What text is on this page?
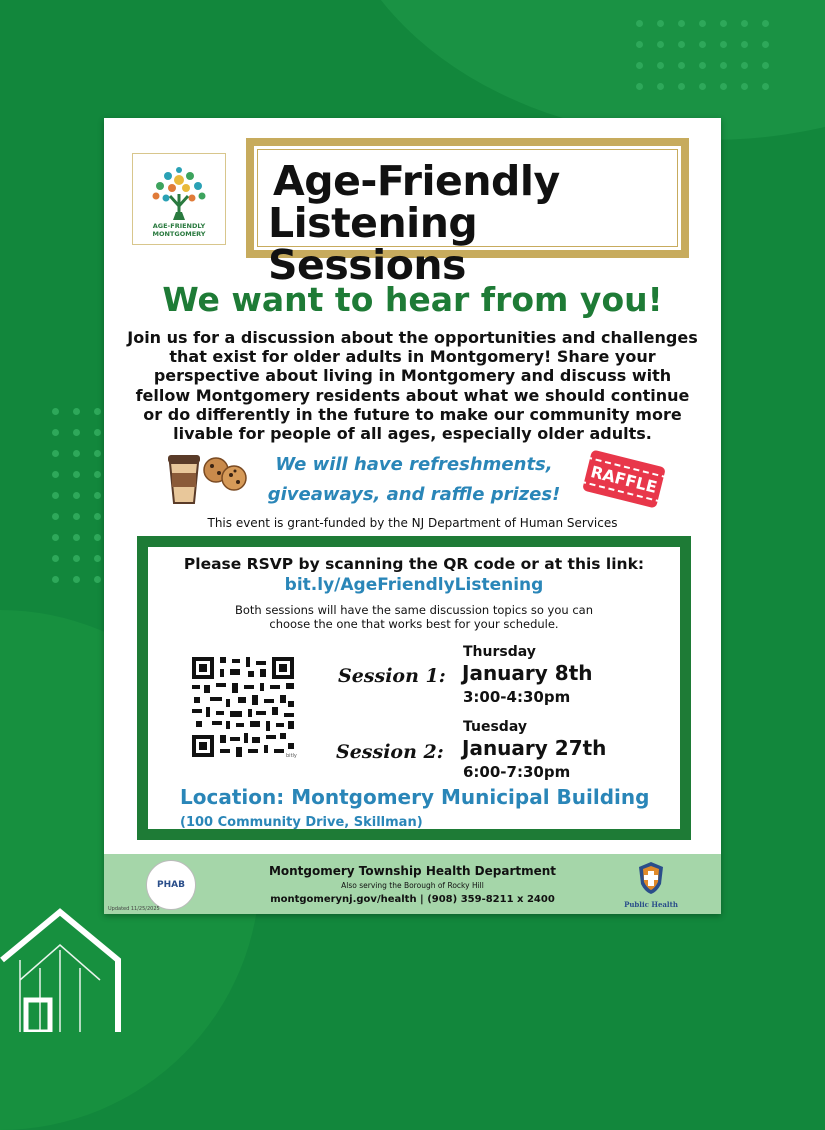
AGE-FRIENDLY
MONTGOMERY
Age-Friendly
Listening Sessions

We want to hear from you!

Join us for a discussion about the opportunities and challenges that exist for older adults in Montgomery! Share your perspective about living in Montgomery and discuss with fellow Montgomery residents about what we should continue or do differently in the future to make our community more livable for people of all ages, especially older adults.

We will have refreshments,
giveaways, and raffle prizes!	RAFFLE

This event is grant-funded by the NJ Department of Human Services

Please RSVP by scanning the QR code or at this link:

bit.ly/AgeFriendlyListening

Both sessions will have the same discussion topics so you can
choose the one that works best for your schedule.

bitly

Session 1:

Thursday

January 8th

3:00-4:30pm

Session 2:

Tuesday

January 27th

6:00-7:30pm

Location: Montgomery Municipal Building

(100 Community Drive, Skillman)

PHAB

Montgomery Township Health Department

Also serving the Borough of Rocky Hill

montgomerynj.gov/health | (908) 359-8211 x 2400

Updated 11/25/2025	Public Health
